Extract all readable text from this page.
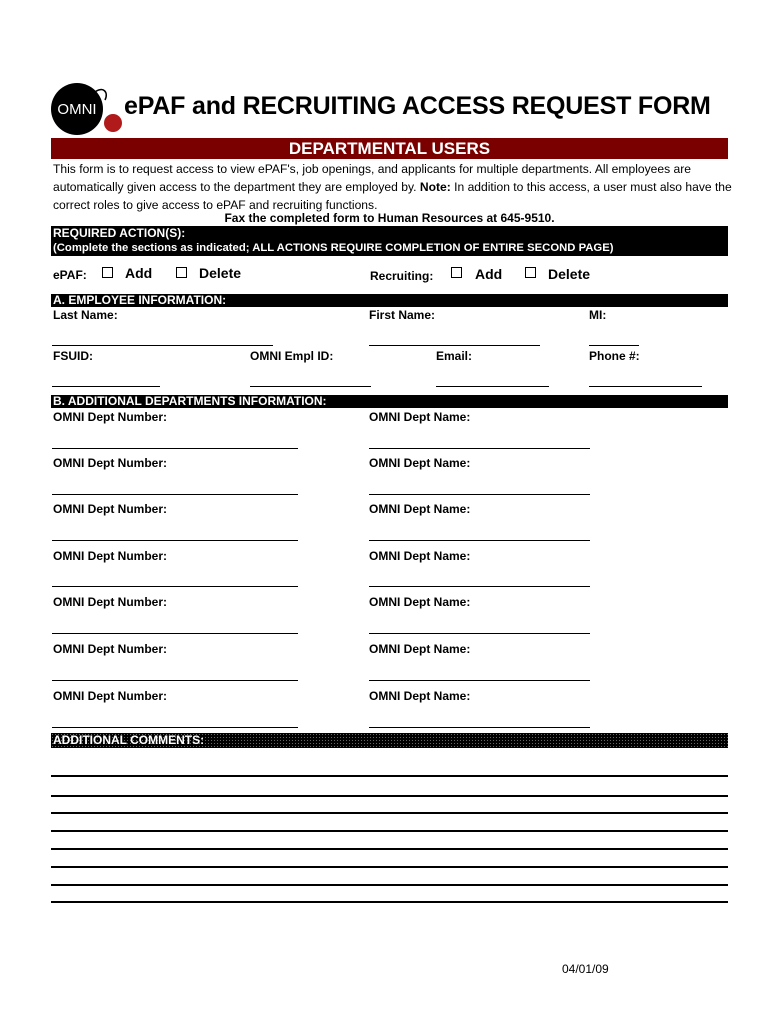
OMNI ePAF and RECRUITING ACCESS REQUEST FORM
DEPARTMENTAL USERS
This form is to request access to view ePAF's, job openings, and applicants for multiple departments. All employees are automatically given access to the department they are employed by. Note: In addition to this access, a user must also have the correct roles to give access to ePAF and recruiting functions.
Fax the completed form to Human Resources at 645-9510.
REQUIRED ACTION(S):
(Complete the sections as indicated; ALL ACTIONS REQUIRE COMPLETION OF ENTIRE SECOND PAGE)
ePAF:	Add	Delete	Recruiting:	Add	Delete
A. EMPLOYEE INFORMATION:
Last Name:	First Name:	MI:
FSUID:	OMNI Empl ID:	Email:	Phone #:
B. ADDITIONAL DEPARTMENTS INFORMATION:
OMNI Dept Number:	OMNI Dept Name:
OMNI Dept Number:	OMNI Dept Name:
OMNI Dept Number:	OMNI Dept Name:
OMNI Dept Number:	OMNI Dept Name:
OMNI Dept Number:	OMNI Dept Name:
OMNI Dept Number:	OMNI Dept Name:
OMNI Dept Number:	OMNI Dept Name:
ADDITIONAL COMMENTS:
04/01/09
